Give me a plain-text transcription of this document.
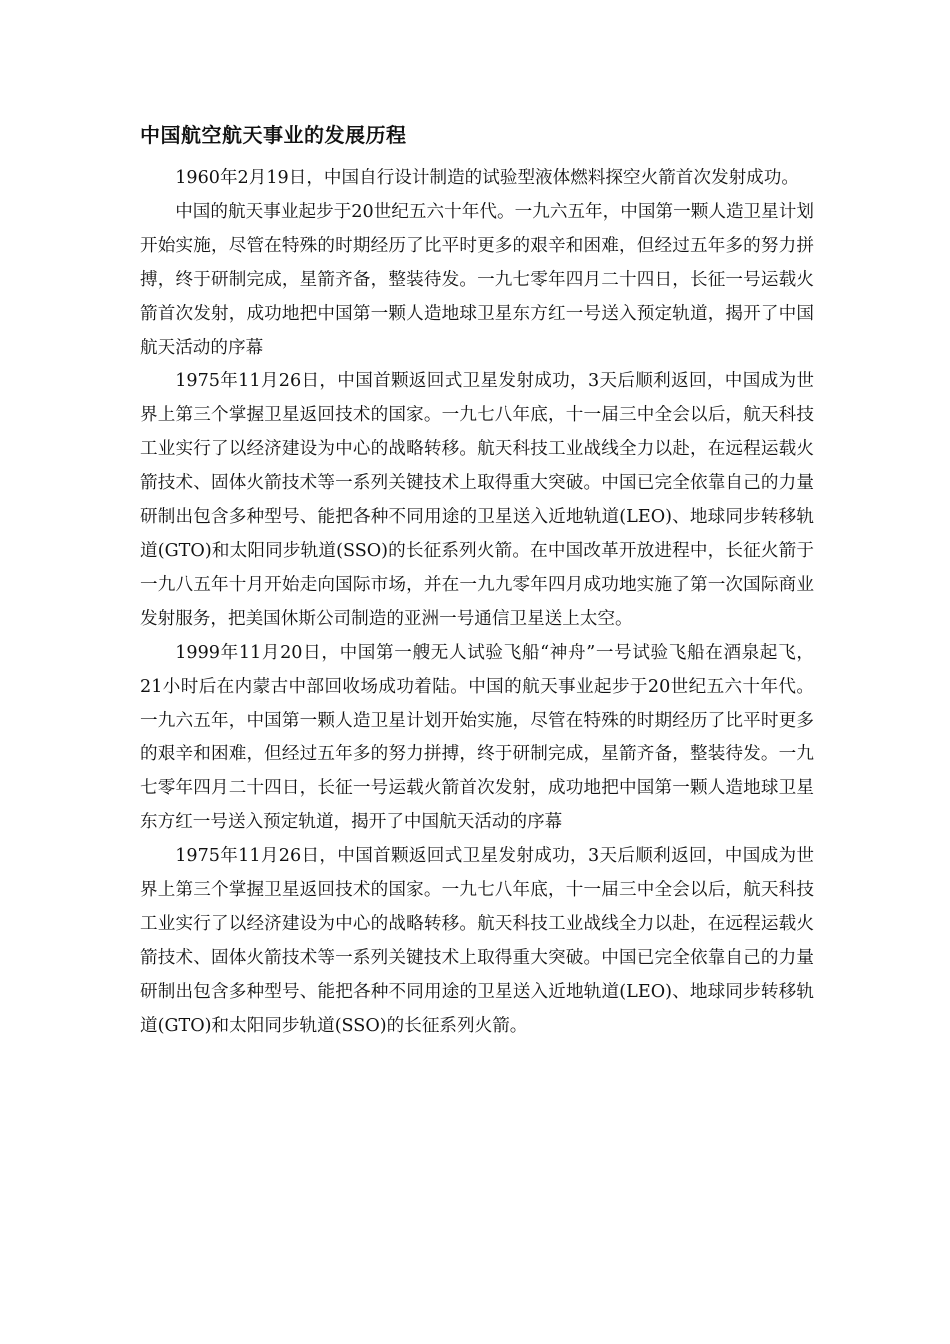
中国航空航天事业的发展历程

1960年2月19日，中国自行设计制造的试验型液体燃料探空火箭首次发射成功。

中国的航天事业起步于20世纪五六十年代。一九六五年，中国第一颗人造卫星计划开始实施，尽管在特殊的时期经历了比平时更多的艰辛和困难，但经过五年多的努力拼搏，终于研制完成，星箭齐备，整装待发。一九七零年四月二十四日，长征一号运载火箭首次发射，成功地把中国第一颗人造地球卫星东方红一号送入预定轨道，揭开了中国航天活动的序幕

1975年11月26日，中国首颗返回式卫星发射成功，3天后顺利返回，中国成为世界上第三个掌握卫星返回技术的国家。一九七八年底，十一届三中全会以后，航天科技工业实行了以经济建设为中心的战略转移。航天科技工业战线全力以赴，在远程运载火箭技术、固体火箭技术等一系列关键技术上取得重大突破。中国已完全依靠自己的力量研制出包含多种型号、能把各种不同用途的卫星送入近地轨道(LEO)、地球同步转移轨道(GTO)和太阳同步轨道(SSO)的长征系列火箭。在中国改革开放进程中，长征火箭于一九八五年十月开始走向国际市场，并在一九九零年四月成功地实施了第一次国际商业发射服务，把美国休斯公司制造的亚洲一号通信卫星送上太空。

1999年11月20日，中国第一艘无人试验飞船“神舟”一号试验飞船在酒泉起飞，21小时后在内蒙古中部回收场成功着陆。中国的航天事业起步于20世纪五六十年代。一九六五年，中国第一颗人造卫星计划开始实施，尽管在特殊的时期经历了比平时更多的艰辛和困难，但经过五年多的努力拼搏，终于研制完成，星箭齐备，整装待发。一九七零年四月二十四日，长征一号运载火箭首次发射，成功地把中国第一颗人造地球卫星东方红一号送入预定轨道，揭开了中国航天活动的序幕

1975年11月26日，中国首颗返回式卫星发射成功，3天后顺利返回，中国成为世界上第三个掌握卫星返回技术的国家。一九七八年底，十一届三中全会以后，航天科技工业实行了以经济建设为中心的战略转移。航天科技工业战线全力以赴，在远程运载火箭技术、固体火箭技术等一系列关键技术上取得重大突破。中国已完全依靠自己的力量研制出包含多种型号、能把各种不同用途的卫星送入近地轨道(LEO)、地球同步转移轨道(GTO)和太阳同步轨道(SSO)的长征系列火箭。
